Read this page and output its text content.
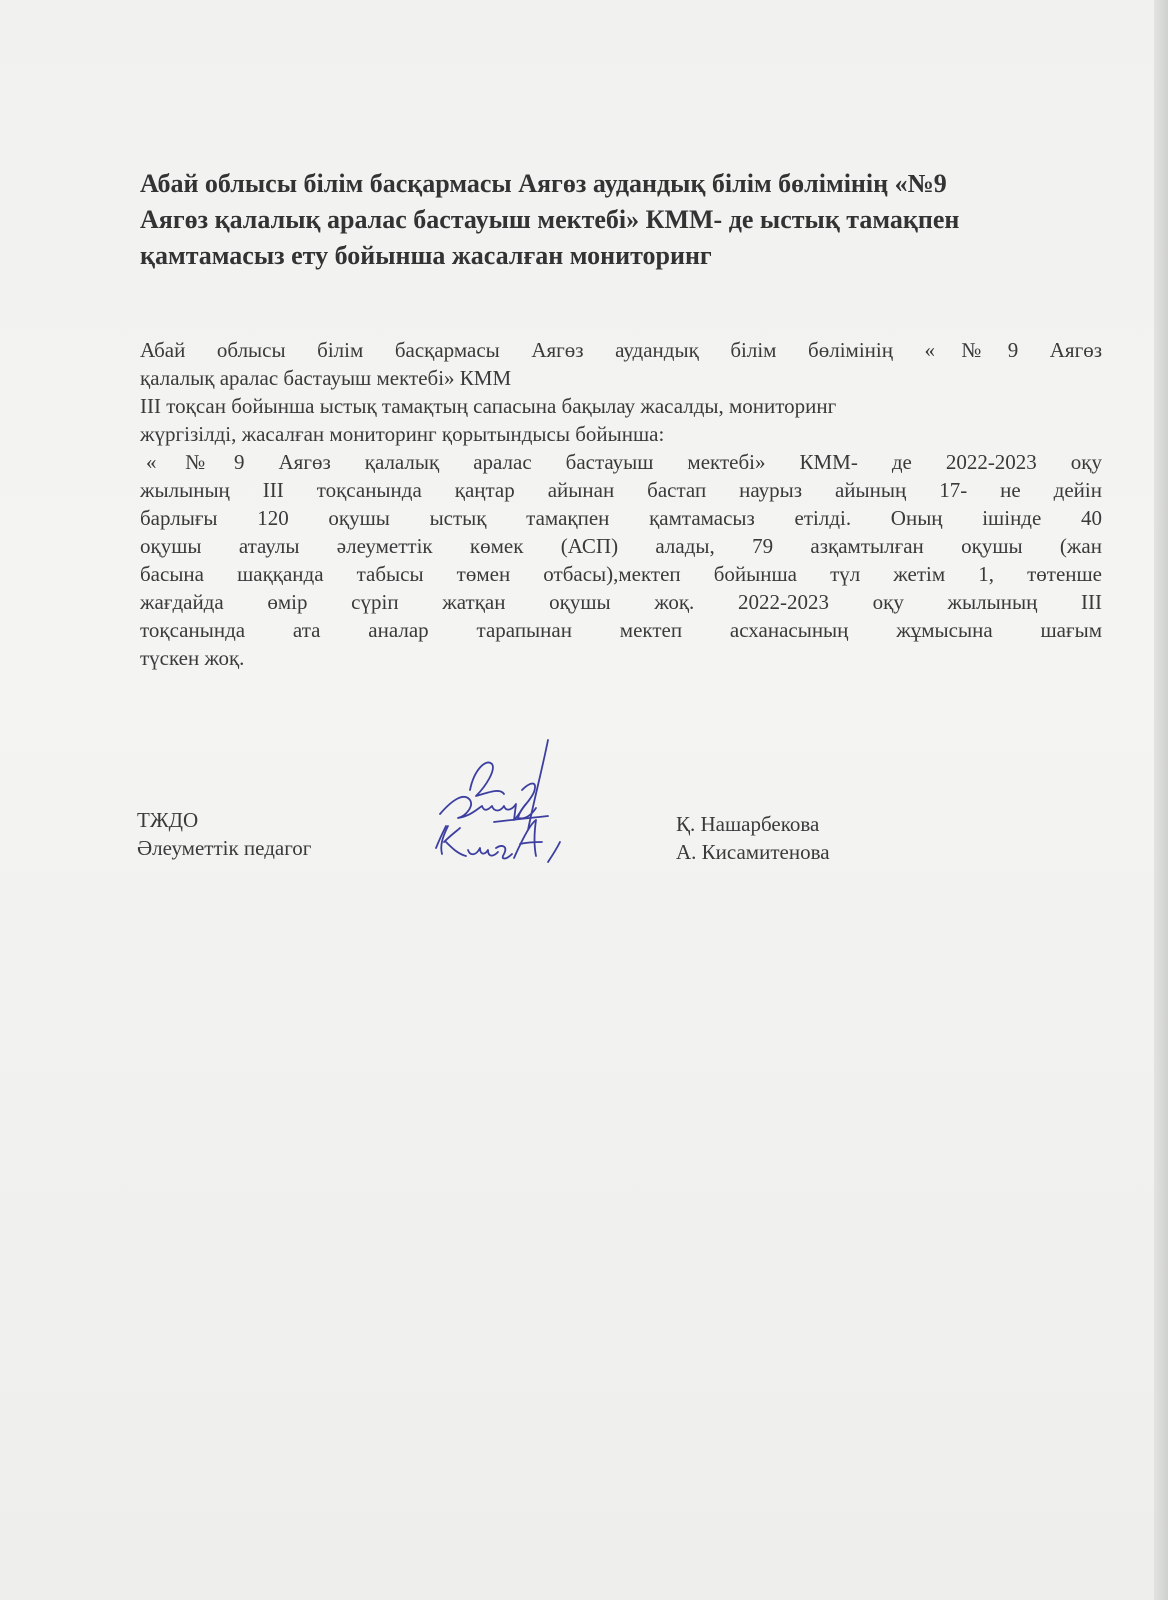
Абай облысы білім басқармасы Аягөз аудандық білім бөлімінің «№9
Аягөз қалалық аралас бастауыш мектебі» КММ- де ыстық тамақпен
қамтамасыз ету бойынша жасалған мониторинг
Абай облысы білім басқармасы Аягөз аудандық білім бөлімінің «№9 Аягөз
қалалық аралас бастауыш мектебі» КММ
ІІІ тоқсан бойынша ыстық тамақтың сапасына бақылау жасалды, мониторинг
жүргізілді, жасалған мониторинг қорытындысы бойынша:
«№9 Аягөз қалалық аралас бастауыш мектебі» КММ- де 2022-2023 оқу
жылының ІІІ тоқсанында қаңтар айынан бастап наурыз айының 17- не дейін
барлығы 120 оқушы ыстық тамақпен қамтамасыз етілді. Оның ішінде 40
оқушы атаулы әлеуметтік көмек (АСП) алады, 79 азқамтылған оқушы (жан
басына шаққанда табысы төмен отбасы),мектеп бойынша түл жетім 1, төтенше
жағдайда өмір сүріп жатқан оқушы жоқ. 2022-2023 оқу жылының ІІІ
тоқсанында ата аналар тарапынан мектеп асханасының жұмысына шағым
түскен жоқ.
ТЖДО
Әлеуметтік педагог
Қ. Нашарбекова
А. Кисамитенова
